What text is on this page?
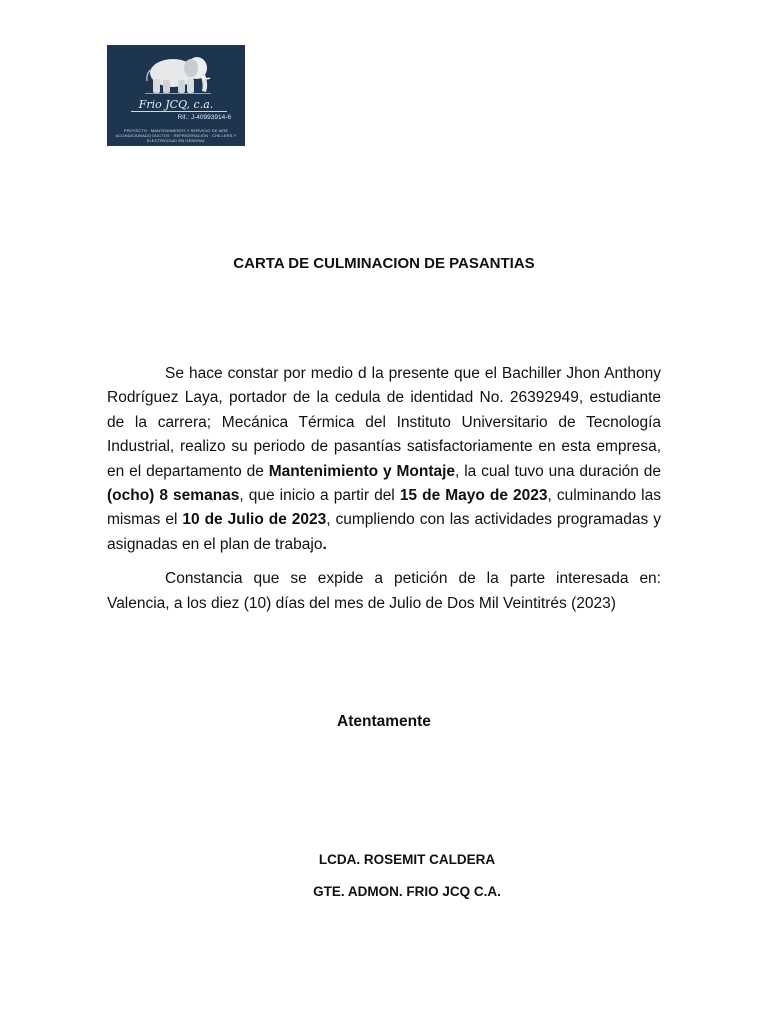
Frio JCQ, c.a.
Rif.: J-40993914-6
PROYECTO · MANTENIMIENTO Y SERVICIO DE AIRE ACONDICIONADO DUCTOS · REFRIGERACIÓN · CHILLERS Y ELECTRICIDAD EN GENERAL
CARTA DE CULMINACION DE PASANTIAS

Se hace constar por medio d la presente que el Bachiller Jhon Anthony Rodríguez Laya, portador de la cedula de identidad No. 26392949, estudiante de la carrera; Mecánica Térmica del Instituto Universitario de Tecnología Industrial, realizo su periodo de pasantías satisfactoriamente en esta empresa, en el departamento de Mantenimiento y Montaje, la cual tuvo una duración de (ocho) 8 semanas, que inicio a partir del 15 de Mayo de 2023, culminando las mismas el 10 de Julio de 2023, cumpliendo con las actividades programadas y asignadas en el plan de trabajo.

Constancia que se expide a petición de la parte interesada en: Valencia, a los diez (10) días del mes de Julio de Dos Mil Veintitrés (2023)

Atentamente
LCDA. ROSEMIT CALDERA
GTE. ADMON. FRIO JCQ C.A.
